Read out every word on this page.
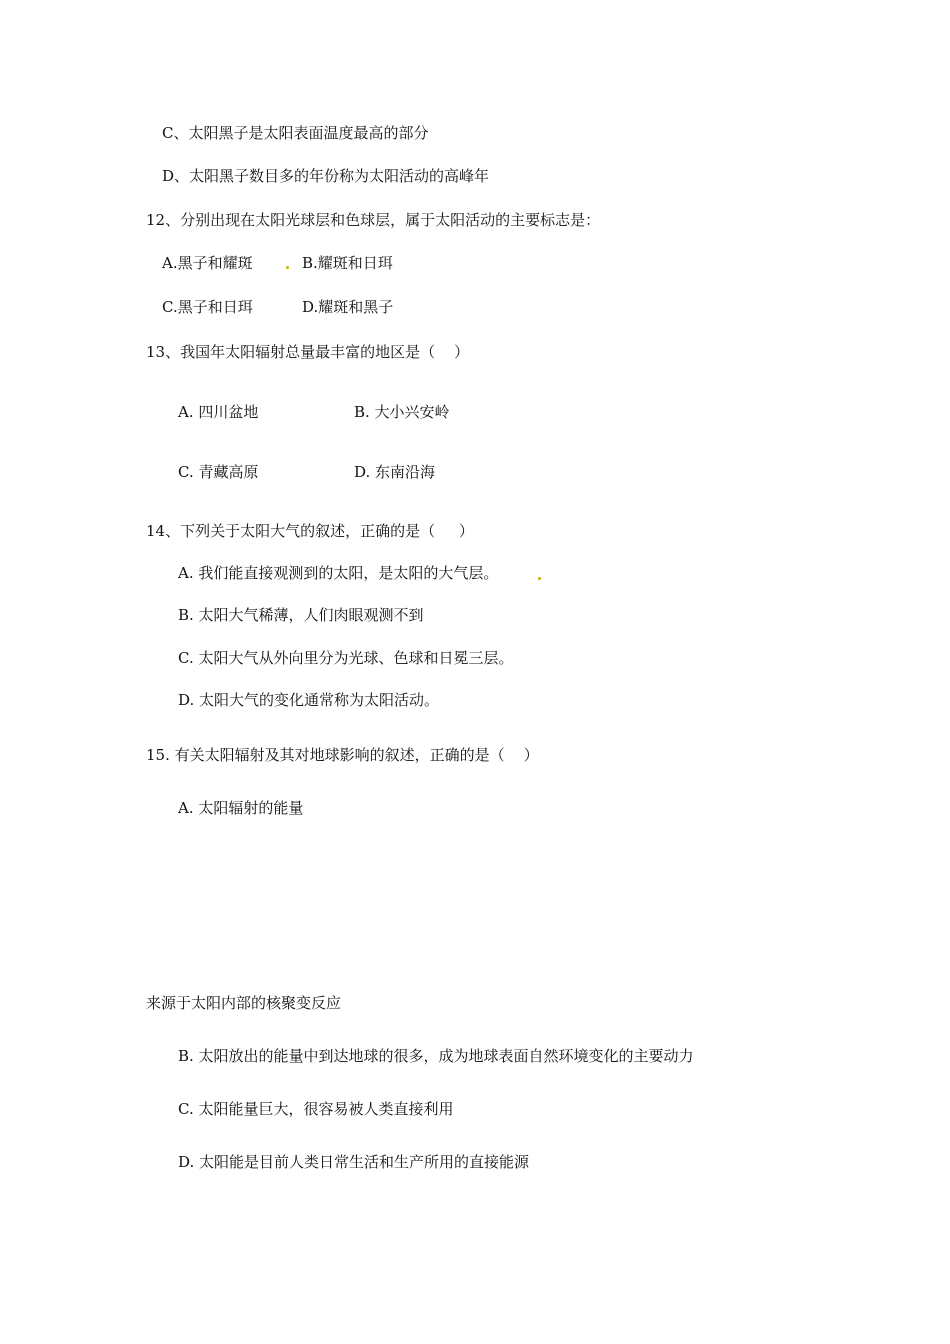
C、太阳黑子是太阳表面温度最高的部分
D、太阳黑子数目多的年份称为太阳活动的高峰年
12、分别出现在太阳光球层和色球层，属于太阳活动的主要标志是：
A.黑子和耀斑	B.耀斑和日珥
C.黑子和日珥	D.耀斑和黑子
13、我国年太阳辐射总量最丰富的地区是（    ）
A. 四川盆地	B. 大小兴安岭
C. 青藏高原	D. 东南沿海
14、下列关于太阳大气的叙述，正确的是（     ）
A. 我们能直接观测到的太阳，是太阳的大气层。
B. 太阳大气稀薄，人们肉眼观测不到
C. 太阳大气从外向里分为光球、色球和日冕三层。
D. 太阳大气的变化通常称为太阳活动。
15. 有关太阳辐射及其对地球影响的叙述，正确的是（    ）
A. 太阳辐射的能量
来源于太阳内部的核聚变反应
B. 太阳放出的能量中到达地球的很多，成为地球表面自然环境变化的主要动力
C. 太阳能量巨大，很容易被人类直接利用
D. 太阳能是目前人类日常生活和生产所用的直接能源
